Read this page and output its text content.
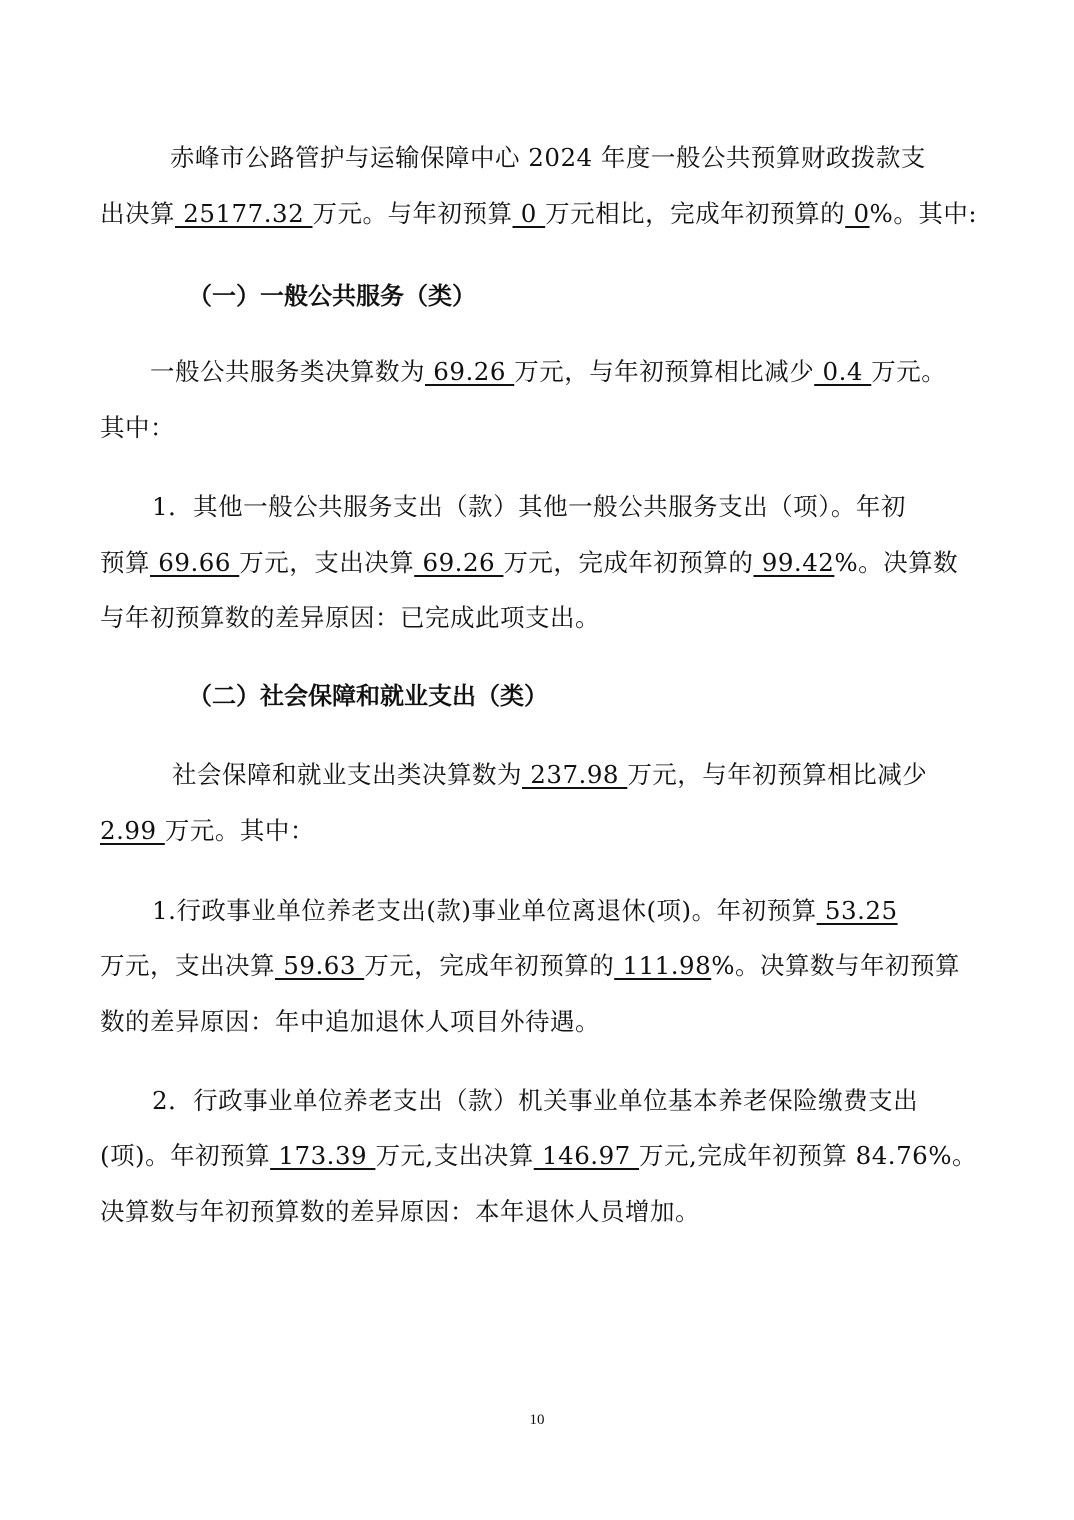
赤峰市公路管护与运输保障中心 2024 年度一般公共预算财政拨款支
出决算 25177.32 万元。与年初预算 0 万元相比，完成年初预算的 0%。其中:
（一）一般公共服务（类）
一般公共服务类决算数为 69.26 万元，与年初预算相比减少 0.4 万元。
其中：
1．其他一般公共服务支出（款）其他一般公共服务支出（项）。年初
预算 69.66 万元，支出决算 69.26 万元，完成年初预算的 99.42%。决算数
与年初预算数的差异原因：已完成此项支出。
（二）社会保障和就业支出（类）
社会保障和就业支出类决算数为 237.98 万元，与年初预算相比减少
2.99 万元。其中：
1.行政事业单位养老支出(款)事业单位离退休(项)。年初预算 53.25
万元，支出决算 59.63 万元，完成年初预算的 111.98%。决算数与年初预算
数的差异原因：年中追加退休人项目外待遇。
2．行政事业单位养老支出（款）机关事业单位基本养老保险缴费支出
(项)。年初预算 173.39 万元,支出决算 146.97 万元,完成年初预算 84.76%。
决算数与年初预算数的差异原因：本年退休人员增加。
10
